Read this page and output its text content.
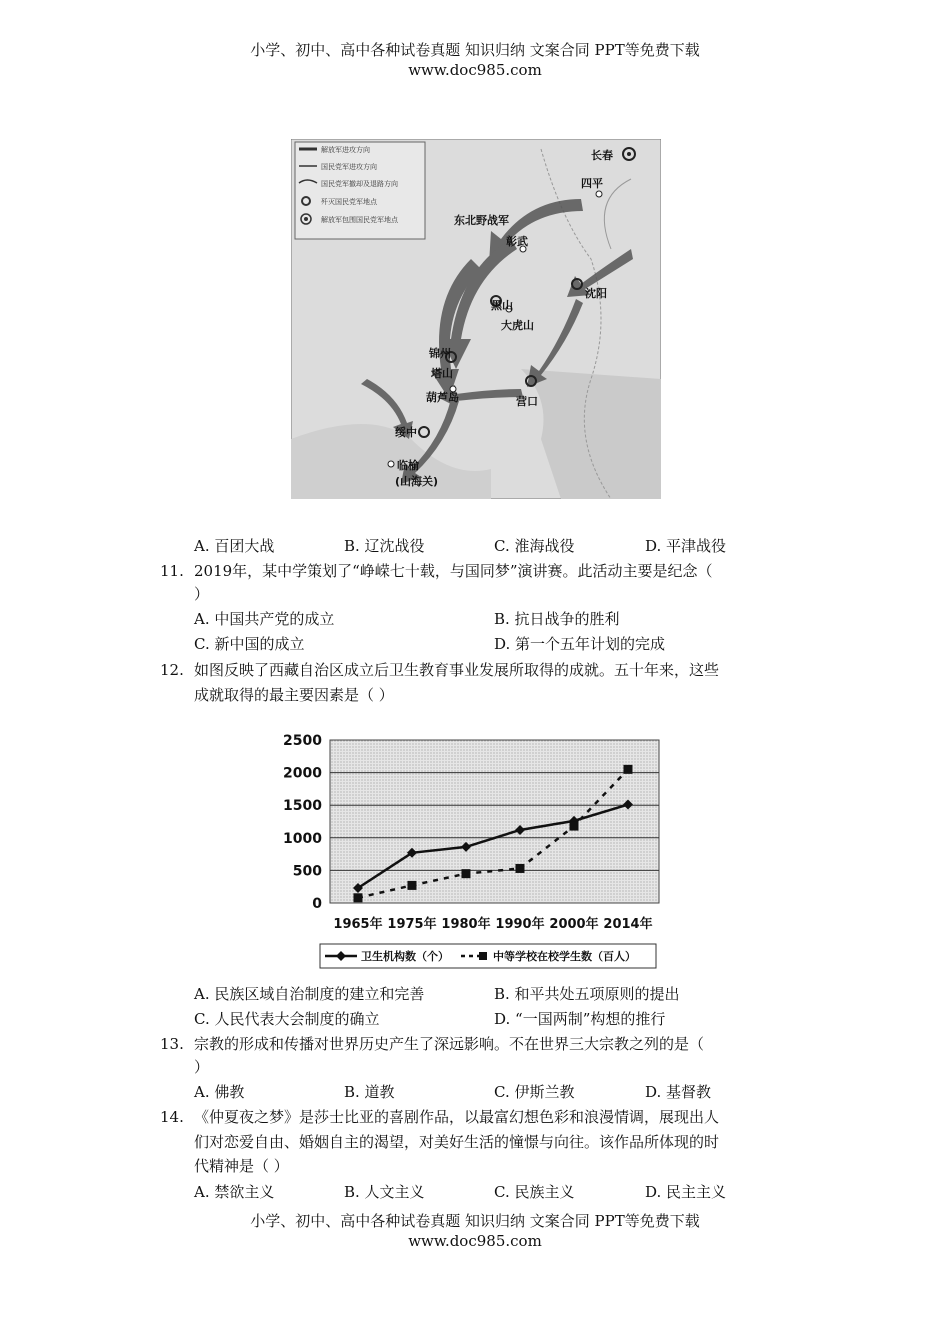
小学、初中、高中各种试卷真题 知识归纳 文案合同 PPT等免费下载
www.doc985.com
解放军进攻方向
国民党军进攻方向
国民党军撤却及退路方向
歼灭国民党军地点
解放军包围国民党军地点
长春
四平
彰武
沈阳
黑山
大虎山
锦州
塔山
葫芦岛	营口
绥中
临榆
(山海关)
东北野战军
A. 百团大战	B. 辽沈战役	C. 淮海战役	D. 平津战役
11. 2019年，某中学策划了“峥嵘七十载，与国同梦”演讲赛。此活动主要是纪念（
）
A. 中国共产党的成立	B. 抗日战争的胜利
C. 新中国的成立	D. 第一个五年计划的完成
12. 如图反映了西藏自治区成立后卫生教育事业发展所取得的成就。五十年来，这些
成就取得的最主要因素是（ ）
2500
2000
1500
1000
500
0
1965年 1975年 1980年 1990年 2000年 2014年
卫生机构数（个）	中等学校在校学生数（百人）
A. 民族区域自治制度的建立和完善	B. 和平共处五项原则的提出
C. 人民代表大会制度的确立	D. “一国两制”构想的推行
13. 宗教的形成和传播对世界历史产生了深远影响。不在世界三大宗教之列的是（
）
A. 佛教	B. 道教	C. 伊斯兰教	D. 基督教
14. 《仲夏夜之梦》是莎士比亚的喜剧作品，以最富幻想色彩和浪漫情调，展现出人
们对恋爱自由、婚姻自主的渴望，对美好生活的憧憬与向往。该作品所体现的时
代精神是（ ）
A. 禁欲主义	B. 人文主义	C. 民族主义	D. 民主主义
小学、初中、高中各种试卷真题 知识归纳 文案合同 PPT等免费下载
www.doc985.com
